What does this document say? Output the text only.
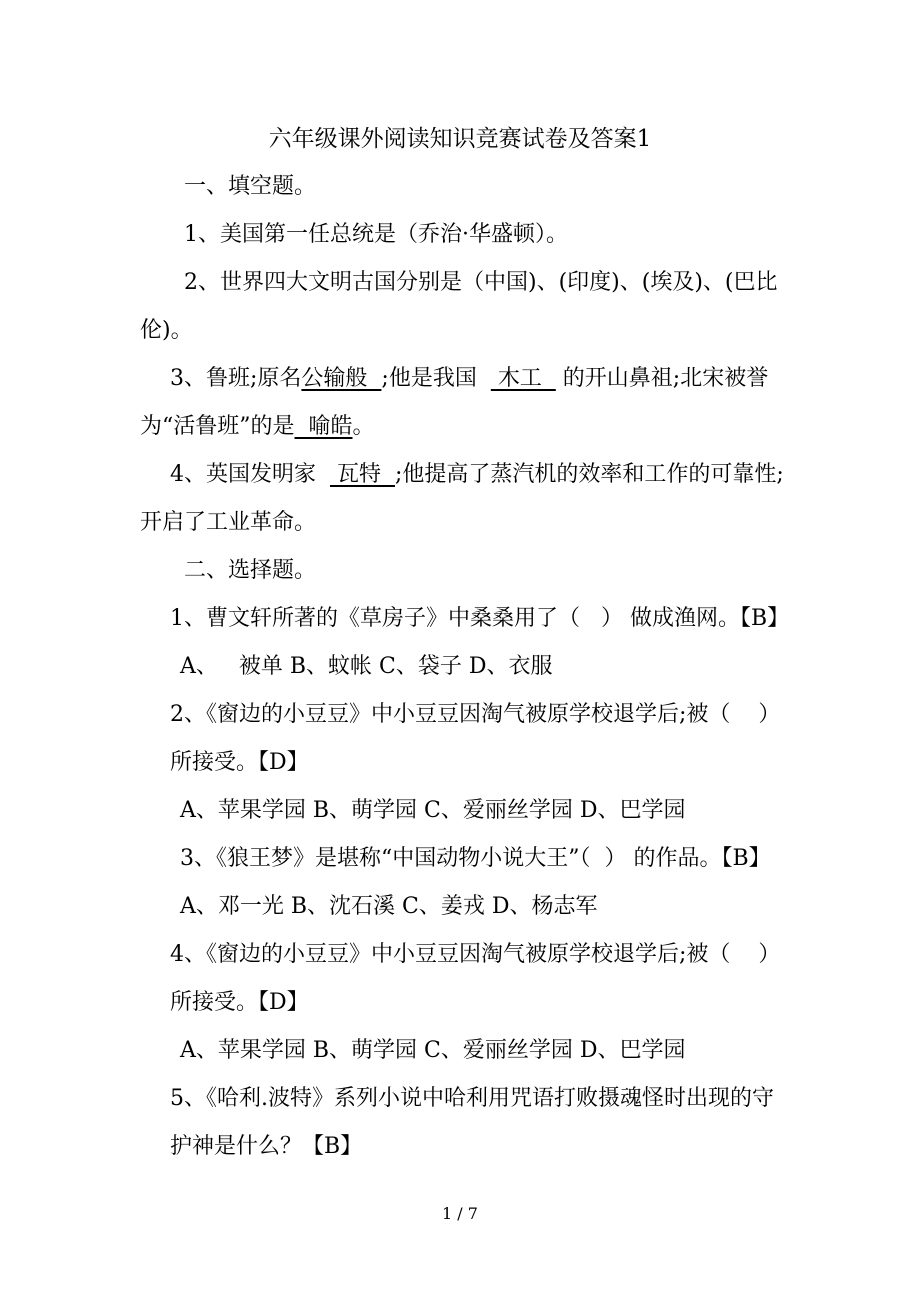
六年级课外阅读知识竞赛试卷及答案1
一、填空题。
1、美国第一任总统是（乔治·华盛顿）。
2、世界四大文明古国分别是（中国)、(印度)、(埃及)、(巴比
伦)。
3、鲁班;原名公输般  ;他是我国   木工   的开山鼻祖;北宋被誉
为“活鲁班”的是  喻皓。
4、英国发明家   瓦特  ;他提高了蒸汽机的效率和工作的可靠性;
开启了工业革命。
二、选择题。
1、曹文轩所著的《草房子》中桑桑用了（   ） 做成渔网。【B】
A、   被单 B、蚊帐 C、袋子 D、衣服
2、《窗边的小豆豆》中小豆豆因淘气被原学校退学后;被（    ）
所接受。【D】
A、苹果学园 B、萌学园 C、爱丽丝学园 D、巴学园
3、《狼王梦》是堪称“中国动物小说大王”（  ） 的作品。【B】
A、邓一光 B、沈石溪 C、姜戎 D、杨志军
4、《窗边的小豆豆》中小豆豆因淘气被原学校退学后;被（    ）
所接受。【D】
A、苹果学园 B、萌学园 C、爱丽丝学园 D、巴学园
5、《哈利.波特》系列小说中哈利用咒语打败摄魂怪时出现的守
护神是什么？【B】
1 / 7
